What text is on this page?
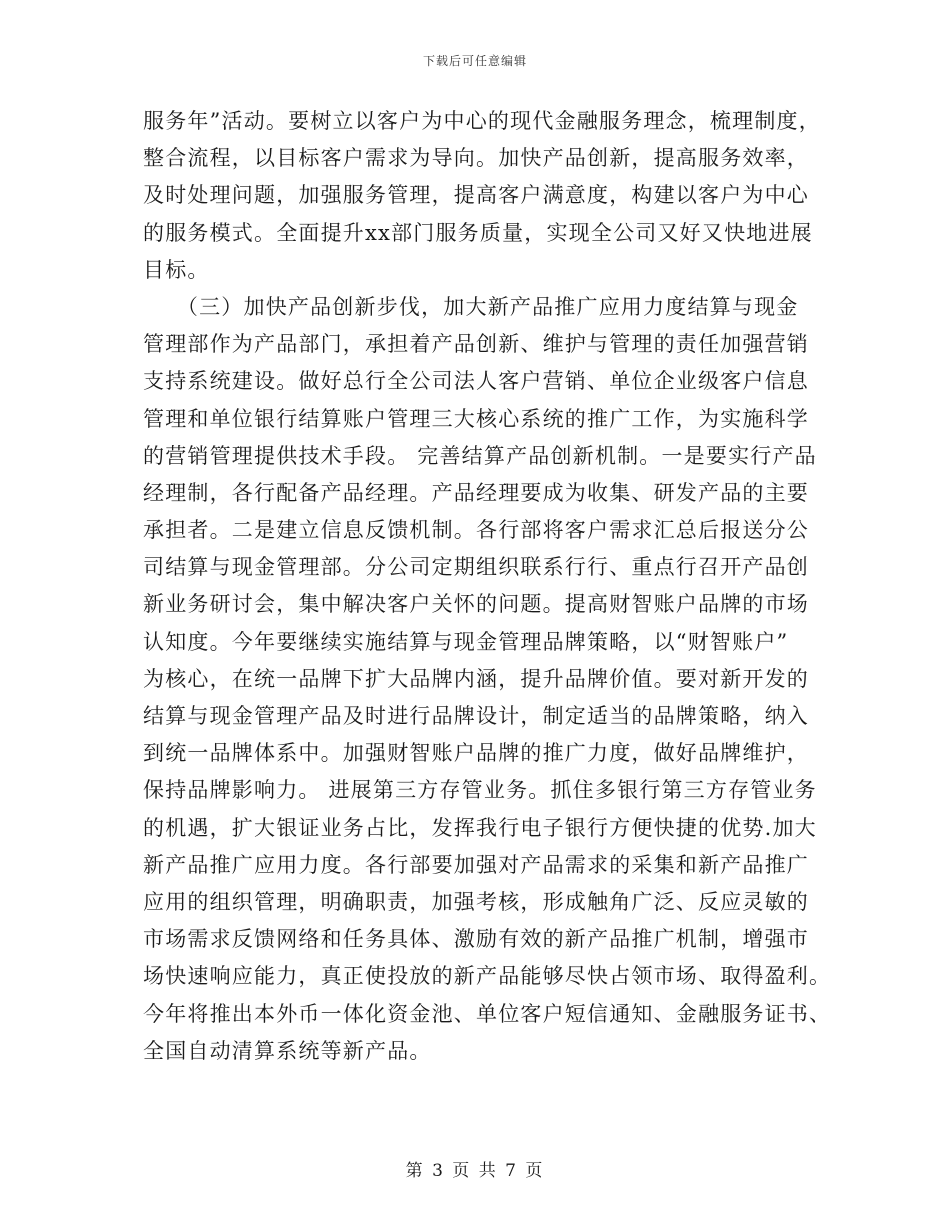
下载后可任意编辑
服务年”活动。要树立以客户为中心的现代金融服务理念，梳理制度，
整合流程，以目标客户需求为导向。加快产品创新，提高服务效率，
及时处理问题，加强服务管理，提高客户满意度，构建以客户为中心
的服务模式。全面提升xx部门服务质量，实现全公司又好又快地进展
目标。
　　（三）加快产品创新步伐，加大新产品推广应用力度结算与现金
管理部作为产品部门，承担着产品创新、维护与管理的责任加强营销
支持系统建设。做好总行全公司法人客户营销、单位企业级客户信息
管理和单位银行结算账户管理三大核心系统的推广工作，为实施科学
的营销管理提供技术手段。 完善结算产品创新机制。一是要实行产品
经理制，各行配备产品经理。产品经理要成为收集、研发产品的主要
承担者。二是建立信息反馈机制。各行部将客户需求汇总后报送分公
司结算与现金管理部。分公司定期组织联系行行、重点行召开产品创
新业务研讨会，集中解决客户关怀的问题。提高财智账户品牌的市场
认知度。今年要继续实施结算与现金管理品牌策略，以“财智账户”
为核心，在统一品牌下扩大品牌内涵，提升品牌价值。要对新开发的
结算与现金管理产品及时进行品牌设计，制定适当的品牌策略，纳入
到统一品牌体系中。加强财智账户品牌的推广力度，做好品牌维护，
保持品牌影响力。 进展第三方存管业务。抓住多银行第三方存管业务
的机遇，扩大银证业务占比，发挥我行电子银行方便快捷的优势.加大
新产品推广应用力度。各行部要加强对产品需求的采集和新产品推广
应用的组织管理，明确职责，加强考核，形成触角广泛、反应灵敏的
市场需求反馈网络和任务具体、激励有效的新产品推广机制，增强市
场快速响应能力，真正使投放的新产品能够尽快占领市场、取得盈利。
今年将推出本外币一体化资金池、单位客户短信通知、金融服务证书、
全国自动清算系统等新产品。
第 3 页 共 7 页
